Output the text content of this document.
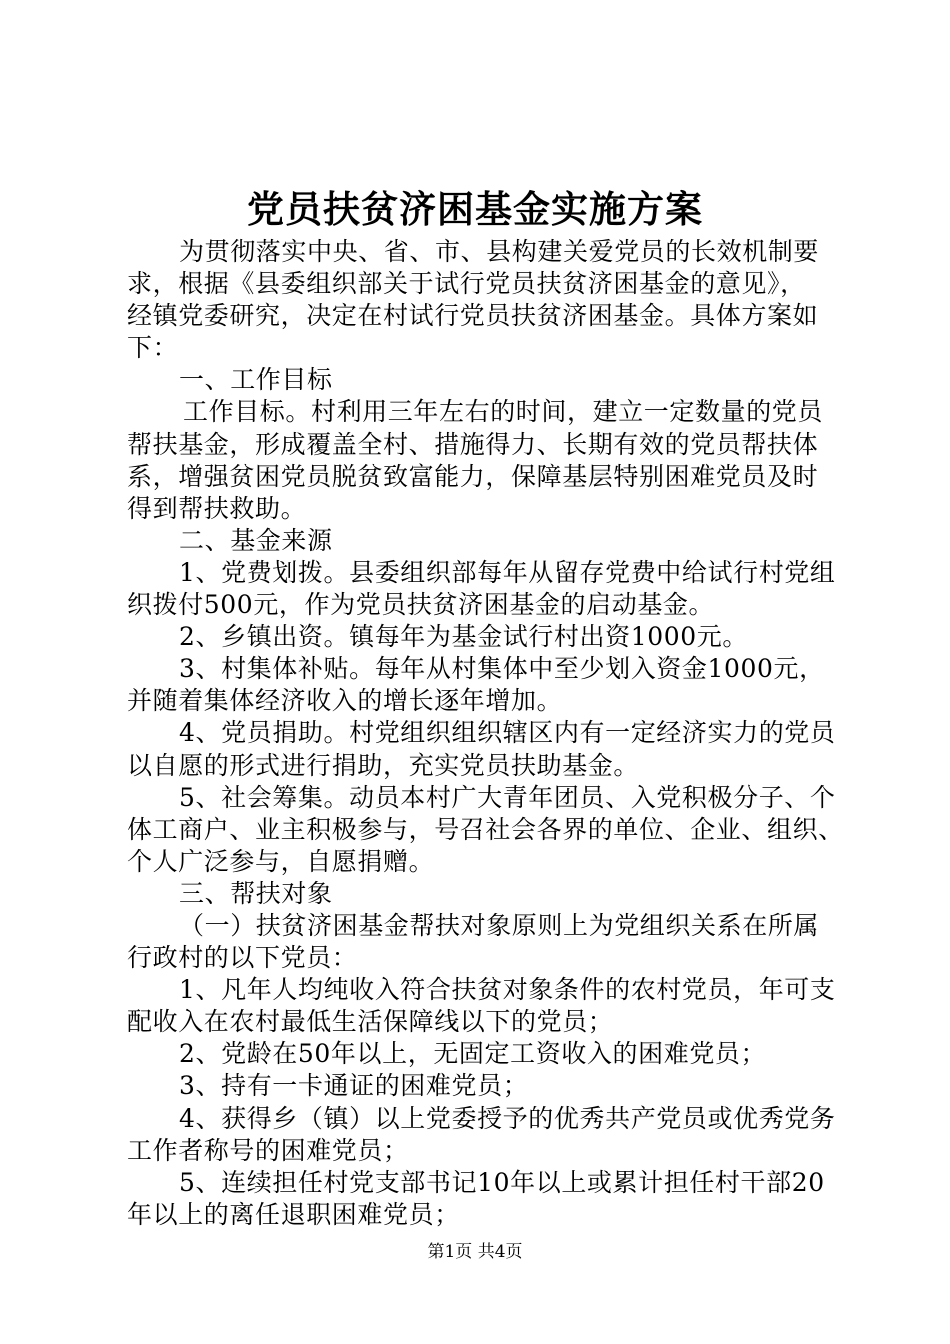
党员扶贫济困基金实施方案
为贯彻落实中央、省、市、县构建关爱党员的长效机制要
求，根据《县委组织部关于试行党员扶贫济困基金的意见》，
经镇党委研究，决定在村试行党员扶贫济困基金。具体方案如
下：
一、工作目标
工作目标。村利用三年左右的时间，建立一定数量的党员
帮扶基金，形成覆盖全村、措施得力、长期有效的党员帮扶体
系，增强贫困党员脱贫致富能力，保障基层特别困难党员及时
得到帮扶救助。
二、基金来源
1、党费划拨。县委组织部每年从留存党费中给试行村党组
织拨付500元，作为党员扶贫济困基金的启动基金。
2、乡镇出资。镇每年为基金试行村出资1000元。
3、村集体补贴。每年从村集体中至少划入资金1000元，
并随着集体经济收入的增长逐年增加。
4、党员捐助。村党组织组织辖区内有一定经济实力的党员
以自愿的形式进行捐助，充实党员扶助基金。
5、社会筹集。动员本村广大青年团员、入党积极分子、个
体工商户、业主积极参与，号召社会各界的单位、企业、组织、
个人广泛参与，自愿捐赠。
三、帮扶对象
（一）扶贫济困基金帮扶对象原则上为党组织关系在所属
行政村的以下党员：
1、凡年人均纯收入符合扶贫对象条件的农村党员，年可支
配收入在农村最低生活保障线以下的党员；
2、党龄在50年以上，无固定工资收入的困难党员；
3、持有一卡通证的困难党员；
4、获得乡（镇）以上党委授予的优秀共产党员或优秀党务
工作者称号的困难党员；
5、连续担任村党支部书记10年以上或累计担任村干部20
年以上的离任退职困难党员；
第1页 共4页
